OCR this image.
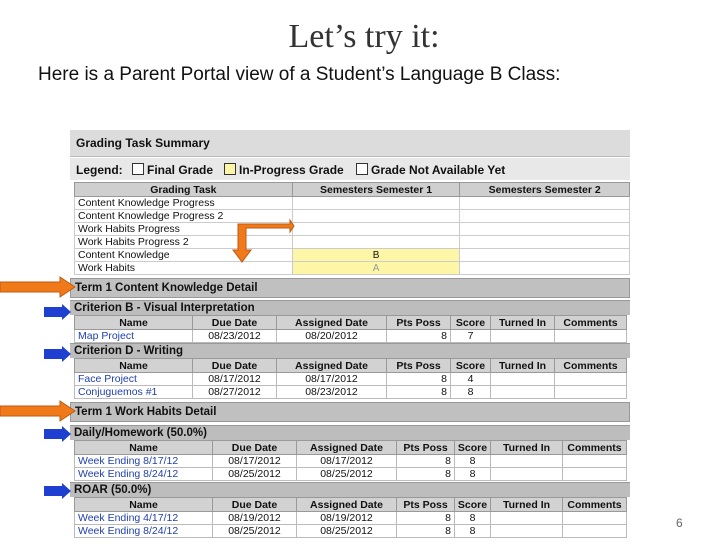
Let’s try it:
Here is a Parent Portal view of a Student’s Language B Class:
Grading Task Summary
Legend:	Final Grade	In-Progress Grade	Grade Not Available Yet
Grading Task	Semesters Semester 1	Semesters Semester 2
Content Knowledge Progress		
Content Knowledge Progress 2		
Work Habits Progress		
Work Habits Progress 2		
Content Knowledge	B	
Work Habits	A	
Term 1 Content Knowledge Detail
Criterion B - Visual Interpretation
Name	Due Date	Assigned Date	Pts Poss	Score	Turned In	Comments
Map Project	08/23/2012	08/20/2012	8	7		
Criterion D - Writing
Name	Due Date	Assigned Date	Pts Poss	Score	Turned In	Comments
Face Project	08/17/2012	08/17/2012	8	4		
Conjuguemos #1	08/27/2012	08/23/2012	8	8		
Term 1 Work Habits Detail
Daily/Homework (50.0%)
Name	Due Date	Assigned Date	Pts Poss	Score	Turned In	Comments
Week Ending 8/17/12	08/17/2012	08/17/2012	8	8		
Week Ending 8/24/12	08/25/2012	08/25/2012	8	8		
ROAR (50.0%)
Name	Due Date	Assigned Date	Pts Poss	Score	Turned In	Comments
Week Ending 4/17/12	08/19/2012	08/19/2012	8	8		
Week Ending 8/24/12	08/25/2012	08/25/2012	8	8		
6
